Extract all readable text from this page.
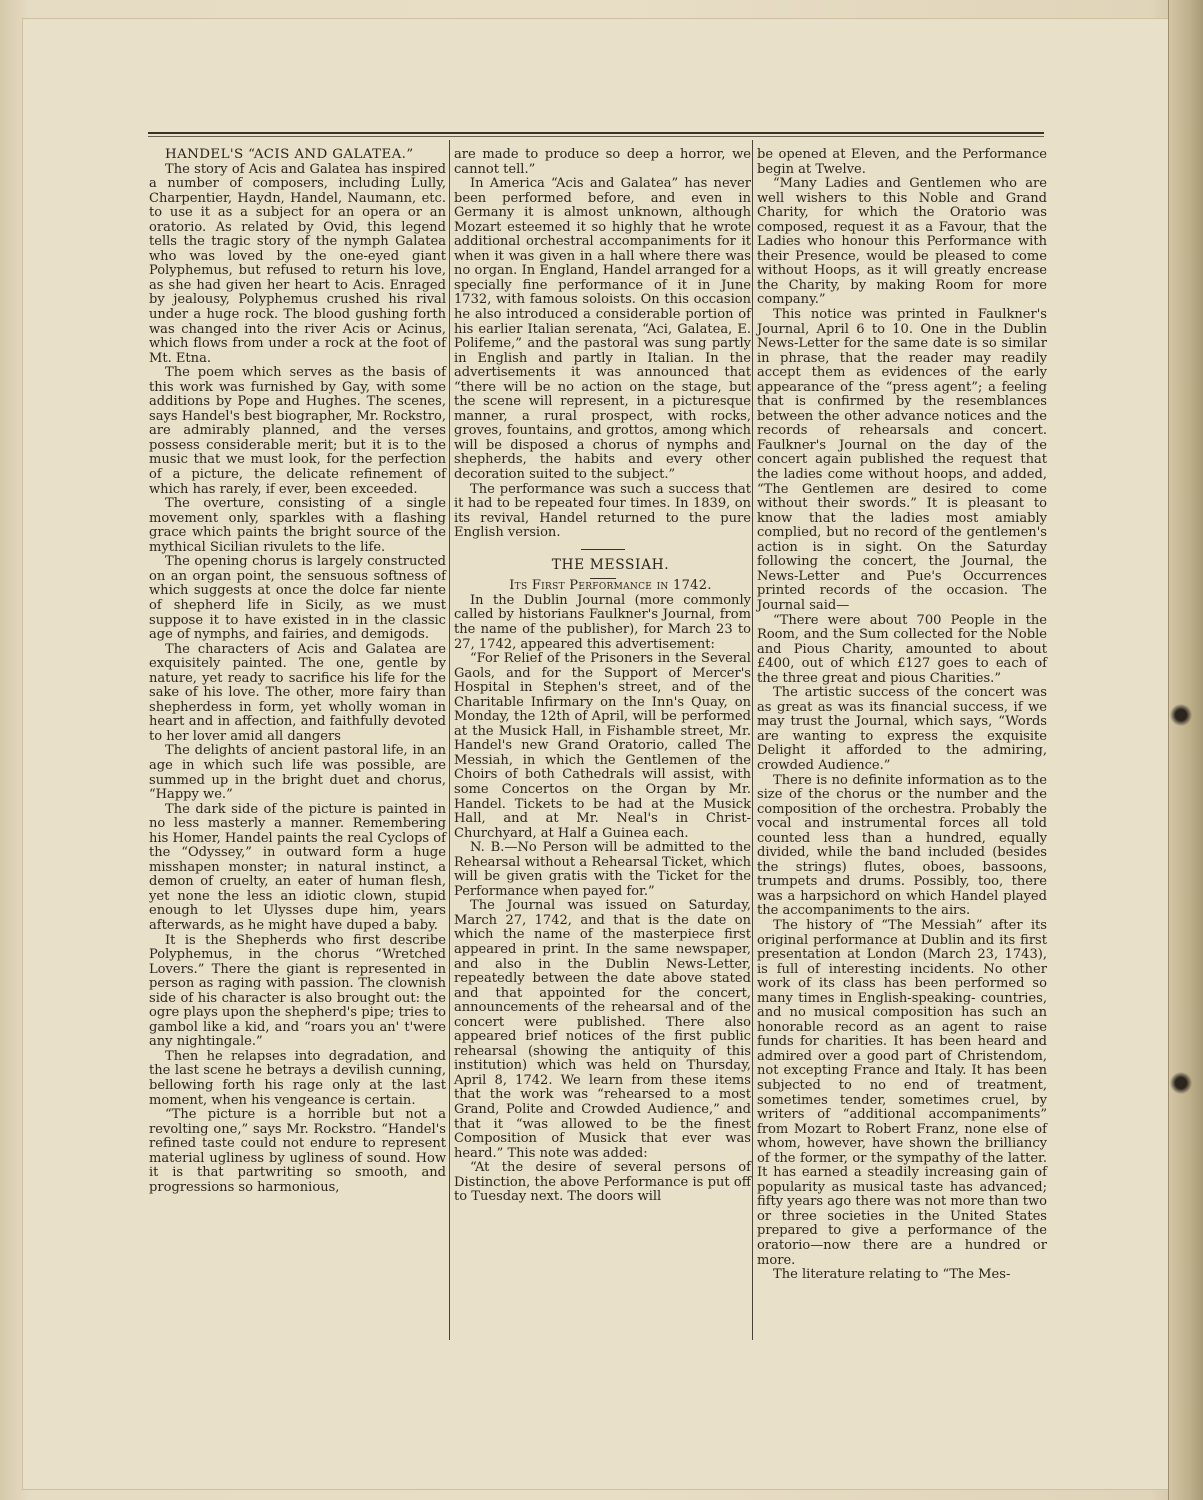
HANDEL'S “ACIS AND GALATEA.”

The story of Acis and Galatea has inspired a number of composers, including Lully, Charpentier, Haydn, Handel, Naumann, etc. to use it as a subject for an opera or an oratorio. As related by Ovid, this legend tells the tragic story of the nymph Galatea who was loved by the one-eyed giant Polyphemus, but refused to return his love, as she had given her heart to Acis. Enraged by jealousy, Polyphemus crushed his rival under a huge rock. The blood gushing forth was changed into the river Acis or Acinus, which flows from under a rock at the foot of Mt. Etna.

The poem which serves as the basis of this work was furnished by Gay, with some additions by Pope and Hughes. The scenes, says Handel's best biographer, Mr. Rockstro, are admirably planned, and the verses possess considerable merit; but it is to the music that we must look, for the perfection of a picture, the delicate refinement of which has rarely, if ever, been exceeded.

The overture, consisting of a single movement only, sparkles with a flashing grace which paints the bright source of the mythical Sicilian rivulets to the life.

The opening chorus is largely constructed on an organ point, the sensuous softness of which suggests at once the dolce far niente of shepherd life in Sicily, as we must suppose it to have existed in in the classic age of nymphs, and fairies, and demigods.

The characters of Acis and Galatea are exquisitely painted. The one, gentle by nature, yet ready to sacrifice his life for the sake of his love. The other, more fairy than shepherdess in form, yet wholly woman in heart and in affection, and faithfully devoted to her lover amid all dangers

The delights of ancient pastoral life, in an age in which such life was possible, are summed up in the bright duet and chorus, “Happy we.”

The dark side of the picture is painted in no less masterly a manner. Remembering his Homer, Handel paints the real Cyclops of the “Odyssey,” in outward form a huge misshapen monster; in natural instinct, a demon of cruelty, an eater of human flesh, yet none the less an idiotic clown, stupid enough to let Ulysses dupe him, years afterwards, as he might have duped a baby.

It is the Shepherds who first describe Polyphemus, in the chorus “Wretched Lovers.” There the giant is represented in person as raging with passion. The clownish side of his character is also brought out: the ogre plays upon the shepherd's pipe; tries to gambol like a kid, and “roars you an' t'were any nightingale.”

Then he relapses into degradation, and the last scene he betrays a devilish cunning, bellowing forth his rage only at the last moment, when his vengeance is certain.

“The picture is a horrible but not a revolting one,” says Mr. Rockstro. “Handel's refined taste could not endure to represent material ugliness by ugliness of sound. How it is that partwriting so smooth, and progressions so harmonious,

are made to produce so deep a horror, we cannot tell.”

In America “Acis and Galatea” has never been performed before, and even in Germany it is almost unknown, although Mozart esteemed it so highly that he wrote additional orchestral accompaniments for it when it was given in a hall where there was no organ. In England, Handel arranged for a specially fine performance of it in June 1732, with famous soloists. On this occasion he also introduced a considerable portion of his earlier Italian serenata, “Aci, Galatea, E. Polifeme,” and the pastoral was sung partly in English and partly in Italian. In the advertisements it was announced that “there will be no action on the stage, but the scene will represent, in a picturesque manner, a rural prospect, with rocks, groves, fountains, and grottos, among which will be disposed a chorus of nymphs and shepherds, the habits and every other decoration suited to the subject.”

The performance was such a success that it had to be repeated four times. In 1839, on its revival, Handel returned to the pure English version.

THE MESSIAH.

Its First Performance in 1742.

In the Dublin Journal (more commonly called by historians Faulkner's Journal, from the name of the publisher), for March 23 to 27, 1742, appeared this advertisement:

“For Relief of the Prisoners in the Several Gaols, and for the Support of Mercer's Hospital in Stephen's street, and of the Charitable Infirmary on the Inn's Quay, on Monday, the 12th of April, will be performed at the Musick Hall, in Fishamble street, Mr. Handel's new Grand Oratorio, called The Messiah, in which the Gentlemen of the Choirs of both Cathedrals will assist, with some Concertos on the Organ by Mr. Handel. Tickets to be had at the Musick Hall, and at Mr. Neal's in Christ-Churchyard, at Half a Guinea each.

N. B.—No Person will be admitted to the Rehearsal without a Rehearsal Ticket, which will be given gratis with the Ticket for the Performance when payed for.”

The Journal was issued on Saturday, March 27, 1742, and that is the date on which the name of the masterpiece first appeared in print. In the same newspaper, and also in the Dublin News-Letter, repeatedly between the date above stated and that appointed for the concert, announcements of the rehearsal and of the concert were published. There also appeared brief notices of the first public rehearsal (showing the antiquity of this institution) which was held on Thursday, April 8, 1742. We learn from these items that the work was “rehearsed to a most Grand, Polite and Crowded Audience,” and that it “was allowed to be the finest Composition of Musick that ever was heard.” This note was added:

“At the desire of several persons of Distinction, the above Performance is put off to Tuesday next. The doors will

be opened at Eleven, and the Performance begin at Twelve.

“Many Ladies and Gentlemen who are well wishers to this Noble and Grand Charity, for which the Oratorio was composed, request it as a Favour, that the Ladies who honour this Performance with their Presence, would be pleased to come without Hoops, as it will greatly encrease the Charity, by making Room for more company.”

This notice was printed in Faulkner's Journal, April 6 to 10. One in the Dublin News-Letter for the same date is so similar in phrase, that the reader may readily accept them as evidences of the early appearance of the “press agent”; a feeling that is confirmed by the resemblances between the other advance notices and the records of rehearsals and concert. Faulkner's Journal on the day of the concert again published the request that the ladies come without hoops, and added, “The Gentlemen are desired to come without their swords.” It is pleasant to know that the ladies most amiably complied, but no record of the gentlemen's action is in sight. On the Saturday following the concert, the Journal, the News-Letter and Pue's Occurrences printed records of the occasion. The Journal said—

“There were about 700 People in the Room, and the Sum collected for the Noble and Pious Charity, amounted to about £400, out of which £127 goes to each of the three great and pious Charities.”

The artistic success of the concert was as great as was its financial success, if we may trust the Journal, which says, “Words are wanting to express the exquisite Delight it afforded to the admiring, crowded Audience.”

There is no definite information as to the size of the chorus or the number and the composition of the orchestra. Probably the vocal and instrumental forces all told counted less than a hundred, equally divided, while the band included (besides the strings) flutes, oboes, bassoons, trumpets and drums. Possibly, too, there was a harpsichord on which Handel played the accompaniments to the airs.

The history of “The Messiah” after its original performance at Dublin and its first presentation at London (March 23, 1743), is full of interesting incidents. No other work of its class has been performed so many times in English-speaking- countries, and no musical composition has such an honorable record as an agent to raise funds for charities. It has been heard and admired over a good part of Christendom, not excepting France and Italy. It has been subjected to no end of treatment, sometimes tender, sometimes cruel, by writers of “additional accompaniments” from Mozart to Robert Franz, none else of whom, however, have shown the brilliancy of the former, or the sympathy of the latter. It has earned a steadily increasing gain of popularity as musical taste has advanced; fifty years ago there was not more than two or three societies in the United States prepared to give a performance of the oratorio—now there are a hundred or more.

The literature relating to “The Mes-
